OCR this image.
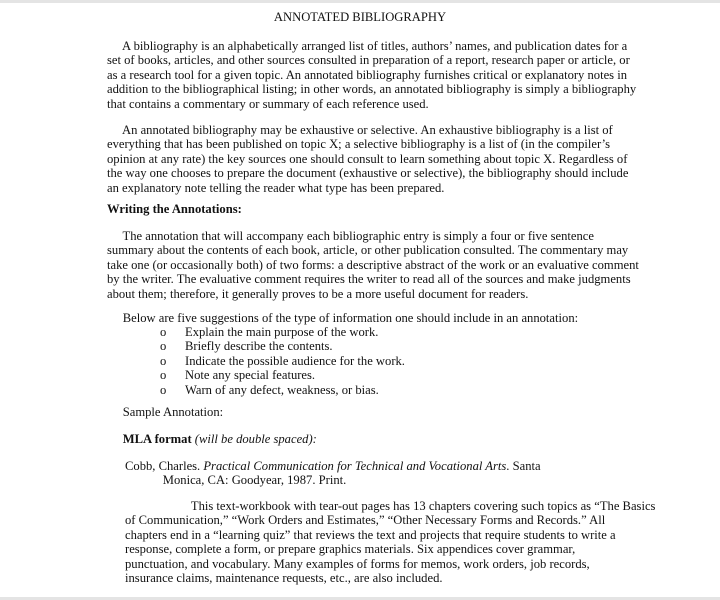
ANNOTATED BIBLIOGRAPHY
A bibliography is an alphabetically arranged list of titles, authors’ names, and publication dates for a
set of books, articles, and other sources consulted in preparation of a report, research paper or article, or
as a research tool for a given topic. An annotated bibliography furnishes critical or explanatory notes in
addition to the bibliographical listing; in other words, an annotated bibliography is simply a bibliography
that contains a commentary or summary of each reference used.
An annotated bibliography may be exhaustive or selective. An exhaustive bibliography is a list of
everything that has been published on topic X; a selective bibliography is a list of (in the compiler’s
opinion at any rate) the key sources one should consult to learn something about topic X. Regardless of
the way one chooses to prepare the document (exhaustive or selective), the bibliography should include
an explanatory note telling the reader what type has been prepared.
Writing the Annotations:
The annotation that will accompany each bibliographic entry is simply a four or five sentence
summary about the contents of each book, article, or other publication consulted. The commentary may
take one (or occasionally both) of two forms: a descriptive abstract of the work or an evaluative comment
by the writer. The evaluative comment requires the writer to read all of the sources and make judgments
about them; therefore, it generally proves to be a more useful document for readers.
Below are five suggestions of the type of information one should include in an annotation:
o Explain the main purpose of the work.
o Briefly describe the contents.
o Indicate the possible audience for the work.
o Note any special features.
o Warn of any defect, weakness, or bias.
Sample Annotation:
MLA format (will be double spaced):
Cobb, Charles. Practical Communication for Technical and Vocational Arts. Santa
Monica, CA: Goodyear, 1987. Print.
This text-workbook with tear-out pages has 13 chapters covering such topics as “The Basics
of Communication,” “Work Orders and Estimates,” “Other Necessary Forms and Records.” All
chapters end in a “learning quiz” that reviews the text and projects that require students to write a
response, complete a form, or prepare graphics materials. Six appendices cover grammar,
punctuation, and vocabulary. Many examples of forms for memos, work orders, job records,
insurance claims, maintenance requests, etc., are also included.
